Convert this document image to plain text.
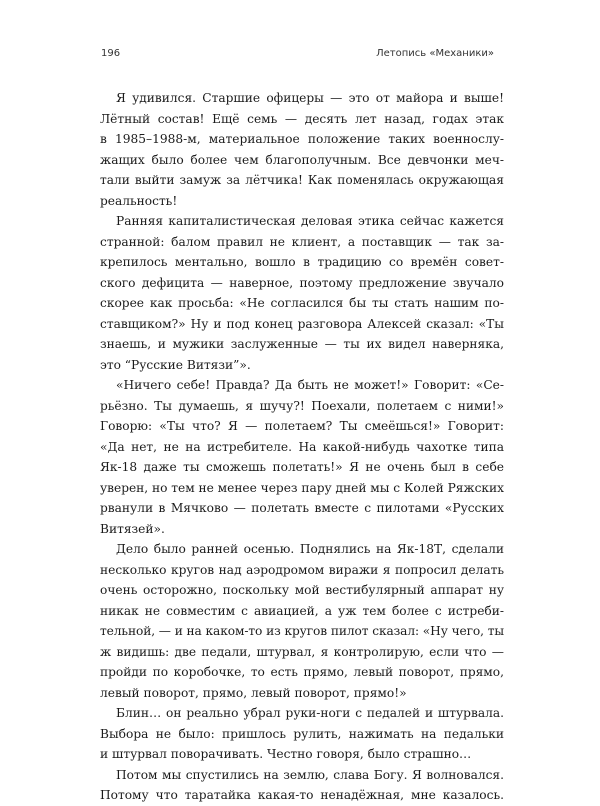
196	Летопись «Механики»
Я удивился. Старшие офицеры — это от майора и выше!
Лётный состав! Ещё семь — десять лет назад, годах этак
в 1985–1988-м, материальное положение таких военнослу-
жащих было более чем благополучным. Все девчонки меч-
тали выйти замуж за лётчика! Как поменялась окружающая
реальность!
Ранняя капиталистическая деловая этика сейчас кажется
странной: балом правил не клиент, а поставщик — так за-
крепилось ментально, вошло в традицию со времён совет-
ского дефицита — наверное, поэтому предложение звучало
скорее как просьба: «Не согласился бы ты стать нашим по-
ставщиком?» Ну и под конец разговора Алексей сказал: «Ты
знаешь, и мужики заслуженные — ты их видел наверняка,
это “Русские Витязи”».
«Ничего себе! Правда? Да быть не может!» Говорит: «Се-
рьёзно. Ты думаешь, я шучу?! Поехали, полетаем с ними!»
Говорю: «Ты что? Я — полетаем? Ты смеёшься!» Говорит:
«Да нет, не на истребителе. На какой-нибудь чахотке типа
Як-18 даже ты сможешь полетать!» Я не очень был в себе
уверен, но тем не менее через пару дней мы с Колей Ряжских
рванули в Мячково — полетать вместе с пилотами «Русских
Витязей».
Дело было ранней осенью. Поднялись на Як-18Т, сделали
несколько кругов над аэродромом виражи я попросил делать
очень осторожно, поскольку мой вестибулярный аппарат ну
никак не совместим с авиацией, а уж тем более с истреби-
тельной, — и на каком-то из кругов пилот сказал: «Ну чего, ты
ж видишь: две педали, штурвал, я контролирую, если что —
пройди по коробочке, то есть прямо, левый поворот, прямо,
левый поворот, прямо, левый поворот, прямо!»
Блин… он реально убрал руки-ноги с педалей и штурвала.
Выбора не было: пришлось рулить, нажимать на педальки
и штурвал поворачивать. Честно говоря, было страшно…
Потом мы спустились на землю, слава Богу. Я волновался.
Потому что таратайка какая-то ненадёжная, мне казалось.
